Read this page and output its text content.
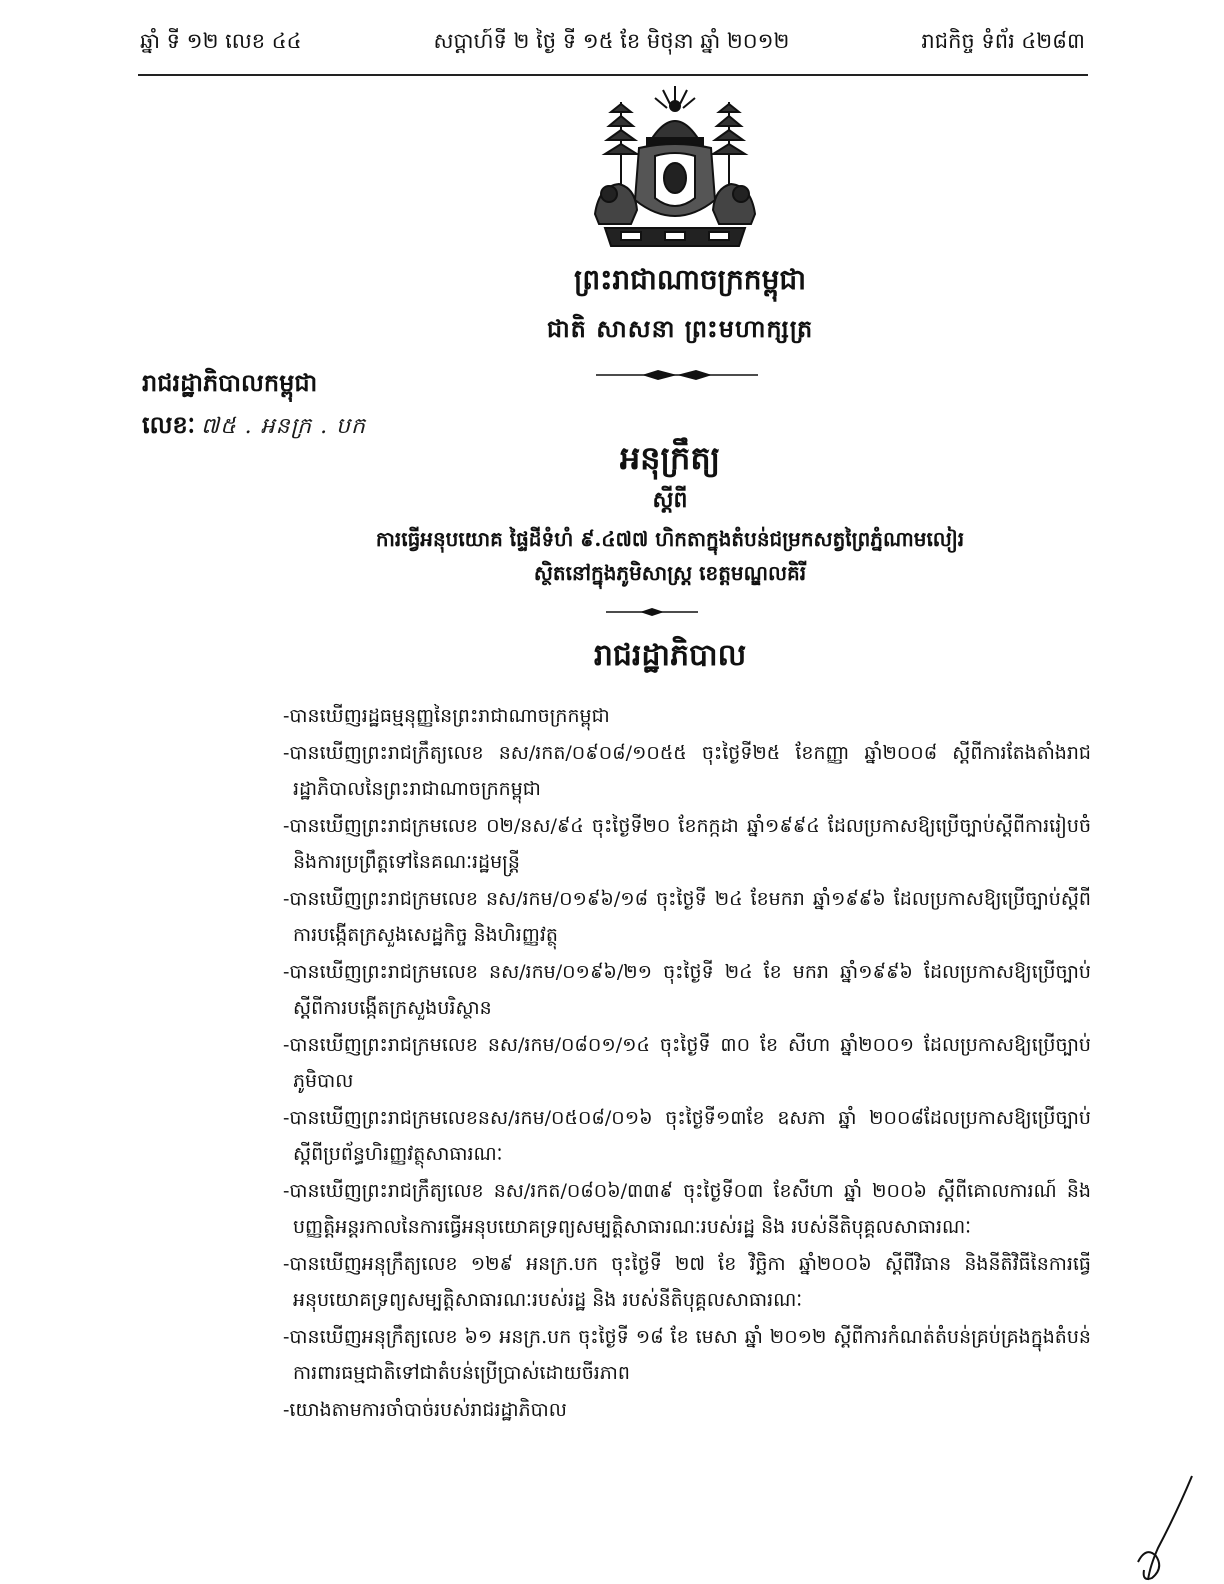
ឆ្នាំ ទី ១២ លេខ ៤៤	សប្តាហ៍ទី ២ ថ្ងៃ ទី ១៥ ខែ មិថុនា ឆ្នាំ ២០១២	រាជកិច្ច ទំព័រ ៤២៨៣
ព្រះរាជាណាចក្រកម្ពុជា
ជាតិ សាសនា ព្រះមហាក្សត្រ
រាជរដ្ឋាភិបាលកម្ពុជា
លេខៈ ៧៥ . អនក្រ . បក
អនុក្រឹត្យ
ស្តីពី
ការធ្វើអនុបយោគ ផ្ទៃដីទំហំ ៩.៤៧៧ ហិកតាក្នុងតំបន់ជម្រកសត្វព្រៃភ្នំណាមលៀរ
ស្ថិតនៅក្នុងភូមិសាស្ត្រ ខេត្តមណ្ឌលគិរី
រាជរដ្ឋាភិបាល

-បានឃើញរដ្ឋធម្មនុញ្ញនៃព្រះរាជាណាចក្រកម្ពុជា

-បានឃើញព្រះរាជក្រឹត្យលេខ នស/រកត/០៩០៨/១០៥៥ ចុះថ្ងៃទី២៥ ខែកញ្ញា ឆ្នាំ២០០៨ ស្តីពីការតែងតាំងរាជរដ្ឋាភិបាលនៃព្រះរាជាណាចក្រកម្ពុជា

-បានឃើញព្រះរាជក្រមលេខ ០២/នស/៩៤ ចុះថ្ងៃទី២០ ខែកក្កដា ឆ្នាំ១៩៩៤ ដែលប្រកាសឱ្យប្រើច្បាប់ស្តីពីការរៀបចំ និងការប្រព្រឹត្តទៅនៃគណៈរដ្ឋមន្ត្រី

-បានឃើញព្រះរាជក្រមលេខ នស/រកម/០១៩៦/១៨ ចុះថ្ងៃទី ២៤ ខែមករា ឆ្នាំ១៩៩៦ ដែលប្រកាសឱ្យប្រើច្បាប់ស្តីពីការបង្កើតក្រសួងសេដ្ឋកិច្ច និងហិរញ្ញវត្ថុ

-បានឃើញព្រះរាជក្រមលេខ នស/រកម/០១៩៦/២១ ចុះថ្ងៃទី ២៤ ខែ មករា ឆ្នាំ១៩៩៦ ដែលប្រកាសឱ្យប្រើច្បាប់ ស្តីពីការបង្កើតក្រសួងបរិស្ថាន

-បានឃើញព្រះរាជក្រមលេខ នស/រកម/០៨០១/១៤ ចុះថ្ងៃទី ៣០ ខែ សីហា ឆ្នាំ២០០១ ដែលប្រកាសឱ្យប្រើច្បាប់ភូមិបាល

-បានឃើញព្រះរាជក្រមលេខនស/រកម/០៥០៨/០១៦ ចុះថ្ងៃទី១៣ខែ ឧសភា ឆ្នាំ ២០០៨ដែលប្រកាសឱ្យប្រើច្បាប់ស្តីពីប្រព័ន្ធហិរញ្ញវត្ថុសាធារណៈ

-បានឃើញព្រះរាជក្រឹត្យលេខ នស/រកត/០៨០៦/៣៣៩ ចុះថ្ងៃទី០៣ ខែសីហា ឆ្នាំ ២០០៦ ស្តីពីគោលការណ៍ និងបញ្ញត្តិអន្តរកាលនៃការធ្វើអនុបយោគទ្រព្យសម្បត្តិសាធារណៈរបស់រដ្ឋ និង របស់នីតិបុគ្គលសាធារណៈ

-បានឃើញអនុក្រឹត្យលេខ ១២៩ អនក្រ.បក ចុះថ្ងៃទី ២៧ ខែ វិច្ឆិកា ឆ្នាំ២០០៦ ស្តីពីវិធាន និងនីតិវិធីនៃការធ្វើអនុបយោគទ្រព្យសម្បត្តិសាធារណៈរបស់រដ្ឋ និង របស់នីតិបុគ្គលសាធារណៈ

-បានឃើញអនុក្រឹត្យលេខ ៦១ អនក្រ.បក ចុះថ្ងៃទី ១៨ ខែ មេសា ឆ្នាំ ២០១២ ស្តីពីការកំណត់តំបន់គ្រប់គ្រងក្នុងតំបន់ការពារធម្មជាតិទៅជាតំបន់ប្រើប្រាស់ដោយចីរភាព

-យោងតាមការចាំបាច់របស់រាជរដ្ឋាភិបាល
